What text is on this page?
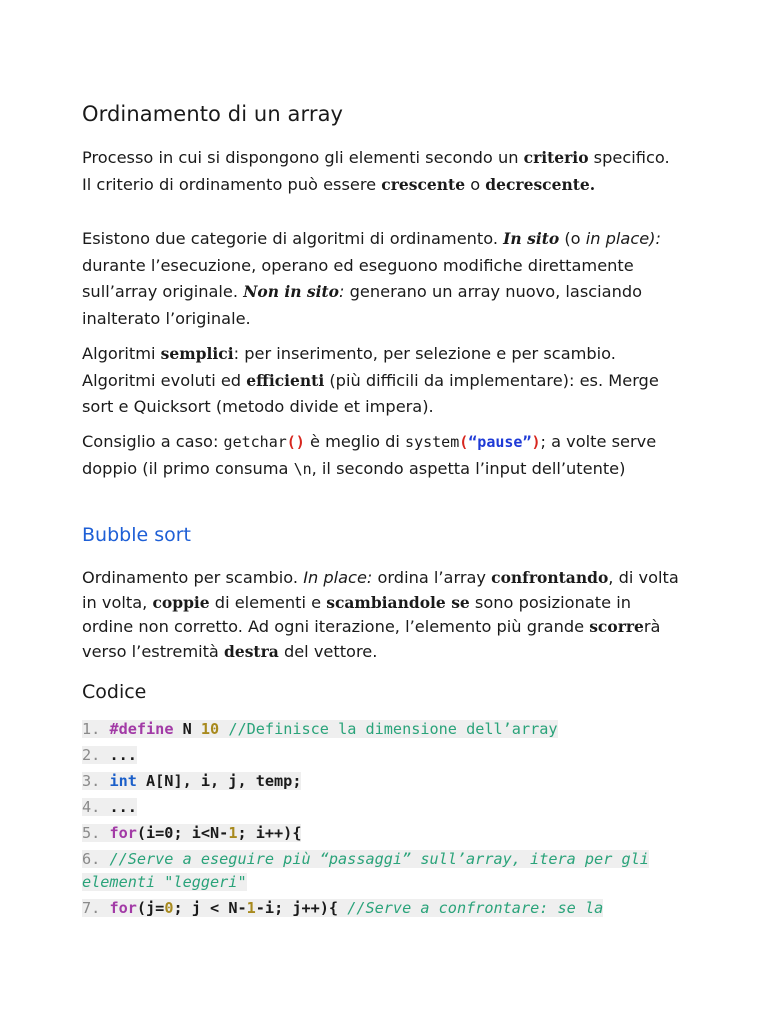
Ordinamento di un array

Processo in cui si dispongono gli elementi secondo un criterio specifico. Il criterio di ordinamento può essere crescente o decrescente.

Esistono due categorie di algoritmi di ordinamento. In sito (o in place): durante l’esecuzione, operano ed eseguono modifiche direttamente sull’array originale. Non in sito: generano un array nuovo, lasciando inalterato l’originale.

Algoritmi semplici: per inserimento, per selezione e per scambio. Algoritmi evoluti ed efficienti (più difficili da implementare): es. Merge sort e Quicksort (metodo divide et impera).

Consiglio a caso: getchar() è meglio di system(“pause”); a volte serve doppio (il primo consuma \n, il secondo aspetta l’input dell’utente)

Bubble sort

Ordinamento per scambio. In place: ordina l’array confrontando, di volta in volta, coppie di elementi e scambiandole se sono posizionate in ordine non corretto. Ad ogni iterazione, l’elemento più grande scorrerà verso l’estremità destra del vettore.

Codice
1. #define N 10 //Definisce la dimensione dell’array
2. ...
3. int A[N], i, j, temp;
4. ...
5. for(i=0; i<N-1; i++){
6. //Serve a eseguire più “passaggi” sull’array, itera per gli elementi "leggeri"
7. for(j=0; j < N-1-i; j++){ //Serve a confrontare: se la
